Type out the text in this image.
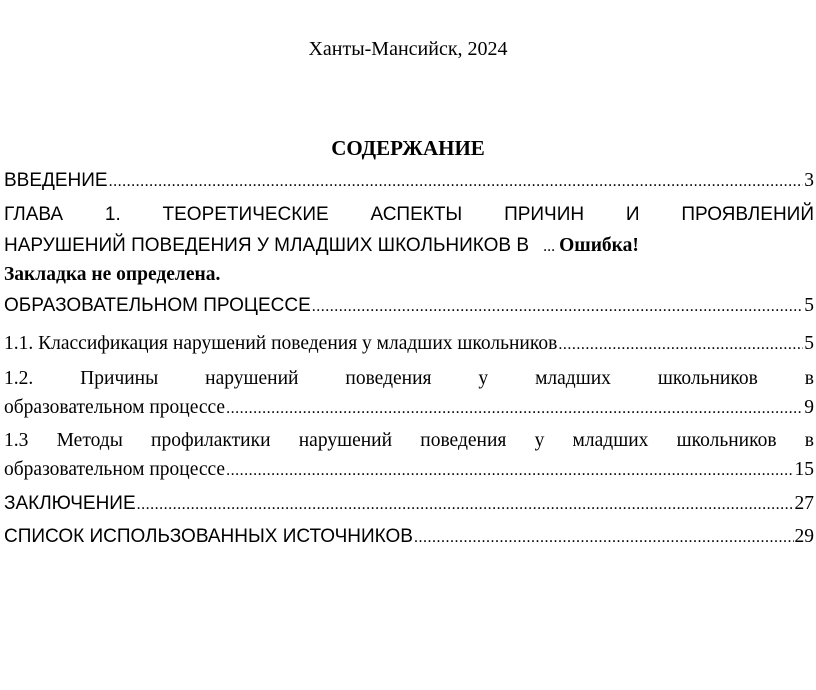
Ханты-Мансийск, 2024
СОДЕРЖАНИЕ
ВВЕДЕНИЕ .....	3
ГЛАВА 1. ТЕОРЕТИЧЕСКИЕ АСПЕКТЫ ПРИЧИН И ПРОЯВЛЕНИЙ
НАРУШЕНИЙ ПОВЕДЕНИЯ У МЛАДШИХ ШКОЛЬНИКОВ В ... Ошибка!
Закладка не определена.
ОБРАЗОВАТЕЛЬНОМ ПРОЦЕССЕ .....	5
1.1. Классификация нарушений поведения у младших школьников .....	5
1.2. Причины нарушений поведения у младших школьников в
образовательном процессе .....	9
1.3 Методы профилактики нарушений поведения у младших школьников в
образовательном процессе .....	15
ЗАКЛЮЧЕНИЕ .....	27
СПИСОК ИСПОЛЬЗОВАННЫХ ИСТОЧНИКОВ .....	29
